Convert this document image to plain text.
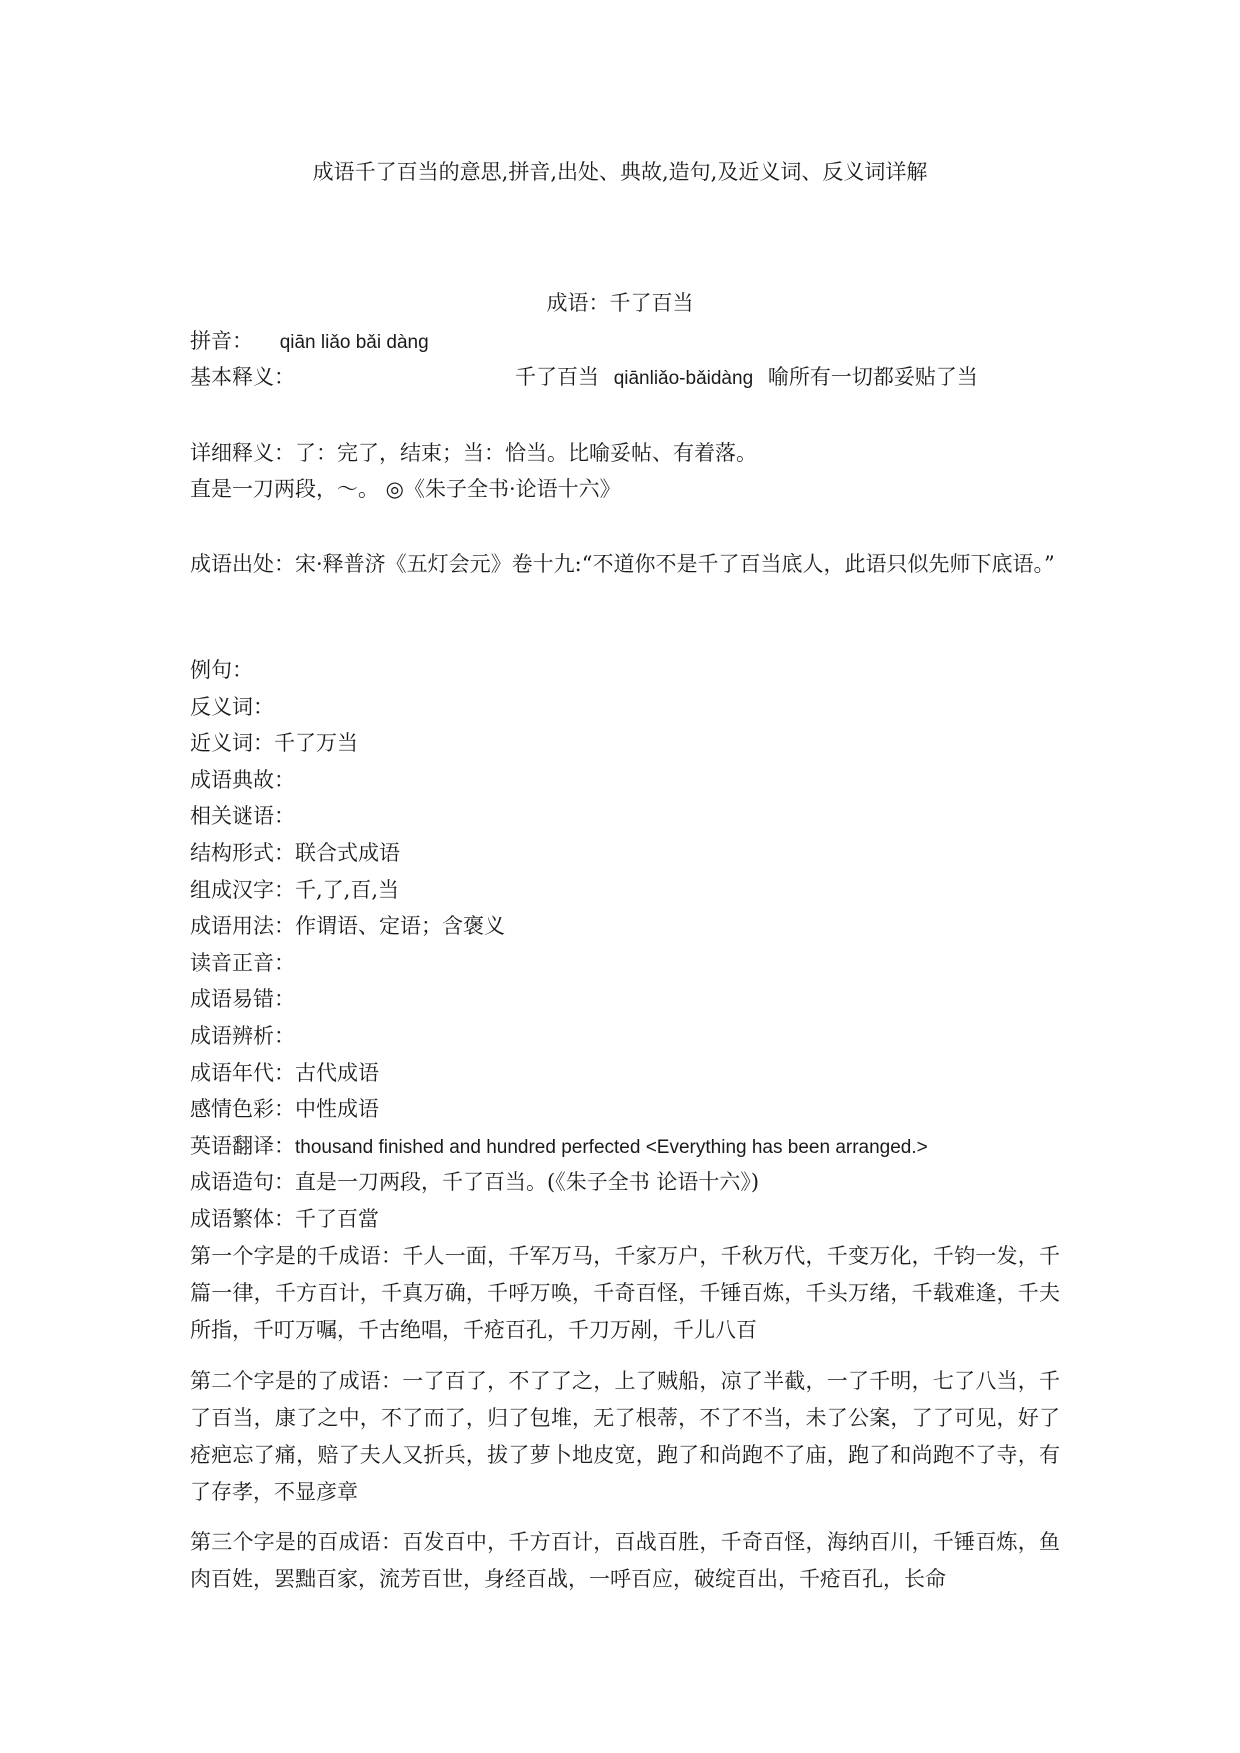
成语千了百当的意思,拼音,出处、典故,造句,及近义词、反义词详解
成语：千了百当
拼音： qiān liǎo bǎi dàng
基本释义：	千了百当 qiānliǎo-bǎidàng 喻所有一切都妥贴了当
详细释义：了：完了，结束；当：恰当。比喻妥帖、有着落。
直是一刀两段，～。 ◎《朱子全书·论语十六》
成语出处：宋·释普济《五灯会元》卷十九:“不道你不是千了百当底人，此语只似先师下底语。”
例句：
反义词：
近义词：千了万当
成语典故：
相关谜语：
结构形式：联合式成语
组成汉字：千,了,百,当
成语用法：作谓语、定语；含褒义
读音正音：
成语易错：
成语辨析：
成语年代：古代成语
感情色彩：中性成语
英语翻译：thousand finished and hundred perfected <Everything has been arranged.>
成语造句：直是一刀两段，千了百当。(《朱子全书 论语十六》)
成语繁体：千了百當
第一个字是的千成语：千人一面，千军万马，千家万户，千秋万代，千变万化，千钧一发，千篇一律，千方百计，千真万确，千呼万唤，千奇百怪，千锤百炼，千头万绪，千载难逢，千夫所指，千叮万嘱，千古绝唱，千疮百孔，千刀万剐，千儿八百
第二个字是的了成语：一了百了，不了了之，上了贼船，凉了半截，一了千明，七了八当，千了百当，康了之中，不了而了，归了包堆，无了根蒂，不了不当，未了公案，了了可见，好了疮疤忘了痛，赔了夫人又折兵，拔了萝卜地皮宽，跑了和尚跑不了庙，跑了和尚跑不了寺，有了存孝，不显彦章
第三个字是的百成语：百发百中，千方百计，百战百胜，千奇百怪，海纳百川，千锤百炼，鱼肉百姓，罢黜百家，流芳百世，身经百战，一呼百应，破绽百出，千疮百孔，长命
